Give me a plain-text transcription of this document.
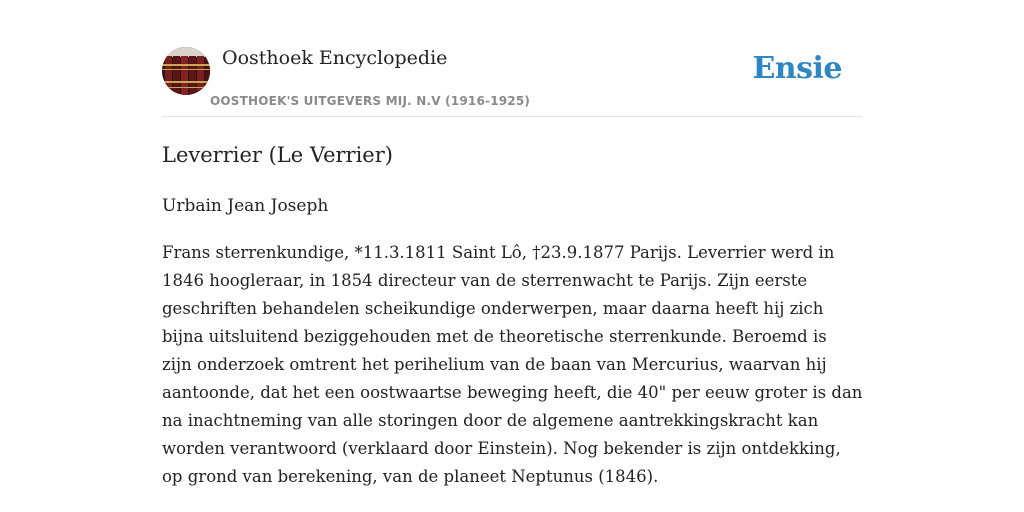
Oosthoek Encyclopedie
OOSTHOEK'S UITGEVERS MIJ. N.V (1916-1925)
Ensie
Leverrier (Le Verrier)
Urbain Jean Joseph

Frans sterrenkundige, *11.3.1811 Saint Lô, †23.9.1877 Parijs. Leverrier werd in
1846 hoogleraar, in 1854 directeur van de sterrenwacht te Parijs. Zijn eerste
geschriften behandelen scheikundige onderwerpen, maar daarna heeft hij zich
bijna uitsluitend beziggehouden met de theoretische sterrenkunde. Beroemd is
zijn onderzoek omtrent het perihelium van de baan van Mercurius, waarvan hij
aantoonde, dat het een oostwaartse beweging heeft, die 40" per eeuw groter is dan
na inachtneming van alle storingen door de algemene aantrekkingskracht kan
worden verantwoord (verklaard door Einstein). Nog bekender is zijn ontdekking,
op grond van berekening, van de planeet Neptunus (1846).
